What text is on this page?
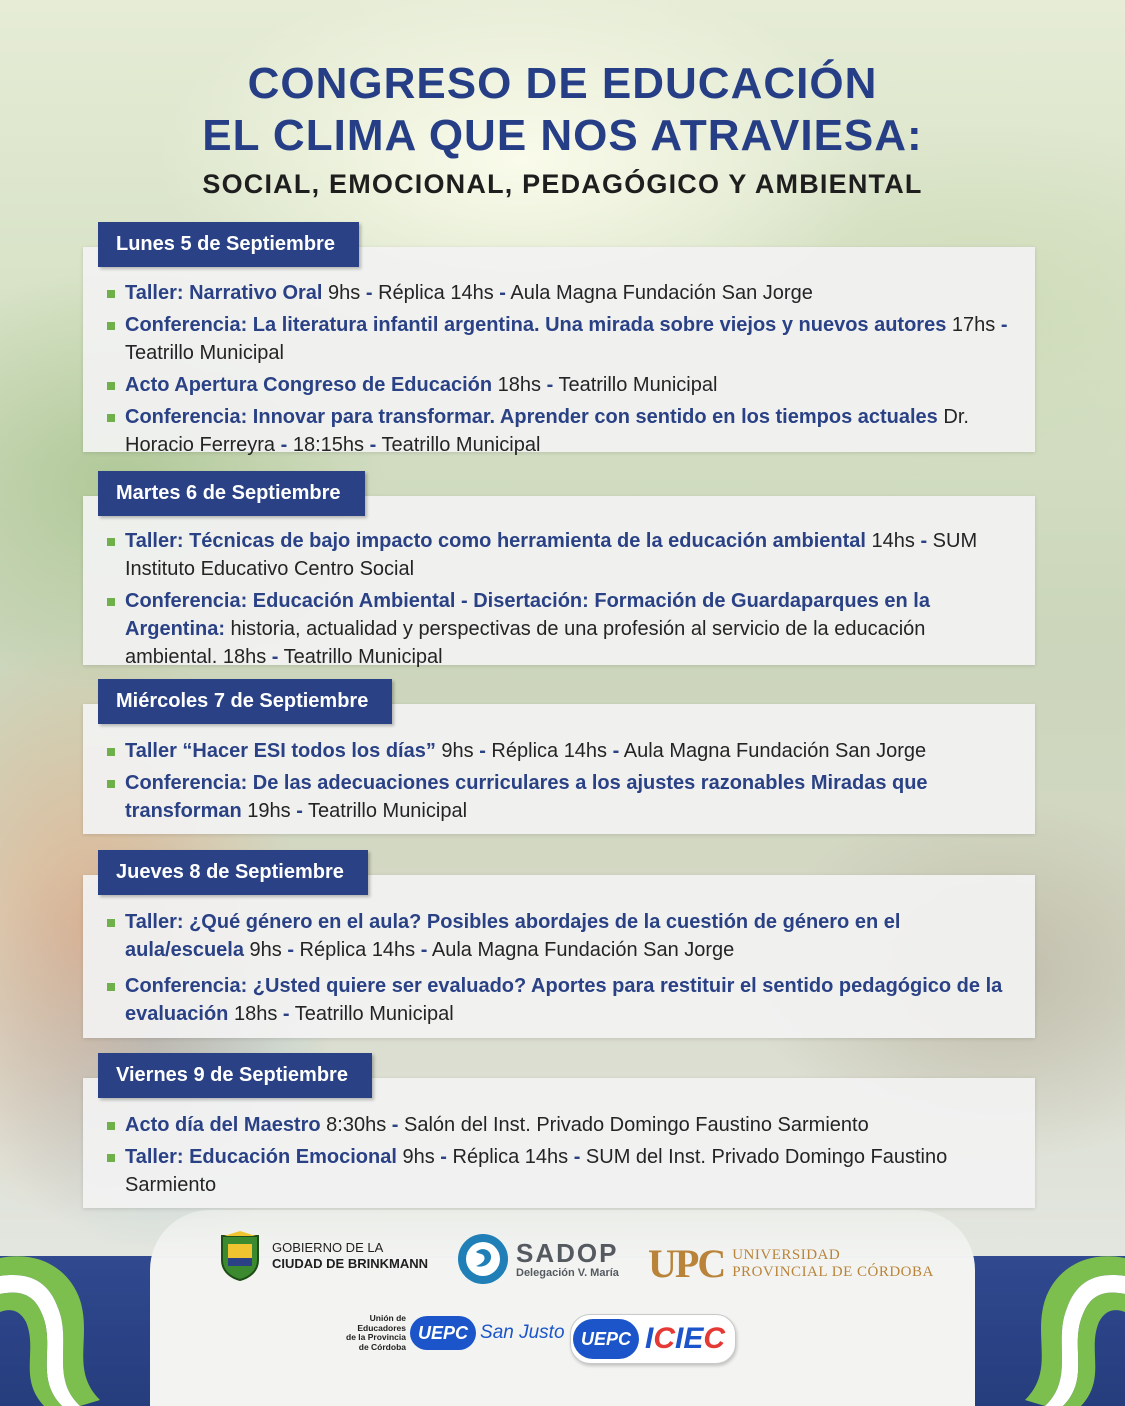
CONGRESO DE EDUCACIÓN
EL CLIMA QUE NOS ATRAVIESA:
SOCIAL, EMOCIONAL, PEDAGÓGICO Y AMBIENTAL
Lunes 5 de Septiembre
Taller: Narrativo Oral 9hs - Réplica 14hs - Aula Magna Fundación San Jorge
Conferencia: La literatura infantil argentina. Una mirada sobre viejos y nuevos autores 17hs - Teatrillo Municipal
Acto Apertura Congreso de Educación 18hs - Teatrillo Municipal
Conferencia: Innovar para transformar. Aprender con sentido en los tiempos actuales Dr. Horacio Ferreyra - 18:15hs - Teatrillo Municipal
Martes 6 de Septiembre
Taller: Técnicas de bajo impacto como herramienta de la educación ambiental 14hs - SUM Instituto Educativo Centro Social
Conferencia: Educación Ambiental - Disertación: Formación de Guardaparques en la Argentina: historia, actualidad y perspectivas de una profesión al servicio de la educación ambiental. 18hs - Teatrillo Municipal
Miércoles 7 de Septiembre
Taller “Hacer ESI todos los días” 9hs - Réplica 14hs - Aula Magna Fundación San Jorge
Conferencia: De las adecuaciones curriculares a los ajustes razonables Miradas que transforman 19hs - Teatrillo Municipal
Jueves 8 de Septiembre
Taller: ¿Qué género en el aula? Posibles abordajes de la cuestión de género en el aula/escuela 9hs - Réplica 14hs - Aula Magna Fundación San Jorge
Conferencia: ¿Usted quiere ser evaluado? Aportes para restituir el sentido pedagógico de la evaluación 18hs - Teatrillo Municipal
Viernes 9 de Septiembre
Acto día del Maestro 8:30hs - Salón del Inst. Privado Domingo Faustino Sarmiento
Taller: Educación Emocional 9hs - Réplica 14hs - SUM del Inst. Privado Domingo Faustino Sarmiento
GOBIERNO DE LA
CIUDAD DE BRINKMANN	SADOP
Delegación V. María UPC UNIVERSIDAD
PROVINCIAL DE CÓRDOBA
Unión de
Educadores
de la Provincia
de Córdoba
UEPC San Justo UEPC ICIEC
